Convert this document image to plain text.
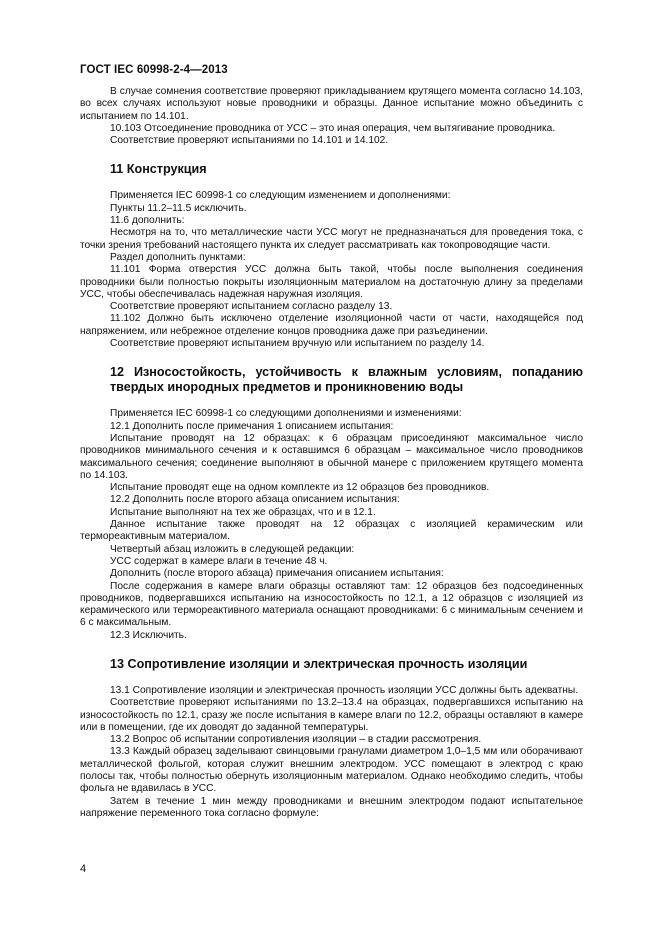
ГОСТ IEC 60998-2-4—2013

В случае сомнения соответствие проверяют прикладыванием крутящего момента согласно 14.103, во всех случаях используют новые проводники и образцы. Данное испытание можно объединить с испытанием по 14.101.

10.103 Отсоединение проводника от УСС – это иная операция, чем вытягивание проводника.

Соответствие проверяют испытаниями по 14.101 и 14.102.

11 Конструкция

Применяется IEC 60998-1 со следующим изменением и дополнениями:

Пункты 11.2–11.5 исключить.

11.6 дополнить:

Несмотря на то, что металлические части УСС могут не предназначаться для проведения тока, с точки зрения требований настоящего пункта их следует рассматривать как токопроводящие части.

Раздел дополнить пунктами:

11.101 Форма отверстия УСС должна быть такой, чтобы после выполнения соединения проводники были полностью покрыты изоляционным материалом на достаточную длину за пределами УСС, чтобы обеспечивалась надежная наружная изоляция.

Соответствие проверяют испытанием согласно разделу 13.

11.102 Должно быть исключено отделение изоляционной части от части, находящейся под напряжением, или небрежное отделение концов проводника даже при разъединении.

Соответствие проверяют испытанием вручную или испытанием по разделу 14.

12 Износостойкость, устойчивость к влажным условиям, попаданию твердых инородных предметов и проникновению воды

Применяется IEC 60998-1 со следующими дополнениями и изменениями:

12.1 Дополнить после примечания 1 описанием испытания:

Испытание проводят на 12 образцах: к 6 образцам присоединяют максимальное число проводников минимального сечения и к оставшимся 6 образцам – максимальное число проводников максимального сечения; соединение выполняют в обычной манере с приложением крутящего момента по 14.103.

Испытание проводят еще на одном комплекте из 12 образцов без проводников.

12.2 Дополнить после второго абзаца описанием испытания:

Испытание выполняют на тех же образцах, что и в 12.1.

Данное испытание также проводят на 12 образцах с изоляцией керамическим или термореактивным материалом.

Четвертый абзац изложить в следующей редакции:

УСС содержат в камере влаги в течение 48 ч.

Дополнить (после второго абзаца) примечания описанием испытания:

После содержания в камере влаги образцы оставляют там: 12 образцов без подсоединенных проводников, подвергавшихся испытанию на износостойкость по 12.1, а 12 образцов с изоляцией из керамического или термореактивного материала оснащают проводниками: 6 с минимальным сечением и 6 с максимальным.

12.3 Исключить.

13 Сопротивление изоляции и электрическая прочность изоляции

13.1 Сопротивление изоляции и электрическая прочность изоляции УСС должны быть адекватны.

Соответствие проверяют испытаниями по 13.2–13.4 на образцах, подвергавшихся испытанию на износостойкость по 12.1, сразу же после испытания в камере влаги по 12.2, образцы оставляют в камере или в помещении, где их доводят до заданной температуры.

13.2 Вопрос об испытании сопротивления изоляции – в стадии рассмотрения.

13.3 Каждый образец заделывают свинцовыми гранулами диаметром 1,0–1,5 мм или оборачивают металлической фольгой, которая служит внешним электродом. УСС помещают в электрод с краю полосы так, чтобы полностью обернуть изоляционным материалом. Однако необходимо следить, чтобы фольга не вдавилась в УСС.

Затем в течение 1 мин между проводниками и внешним электродом подают испытательное напряжение переменного тока согласно формуле:

4
